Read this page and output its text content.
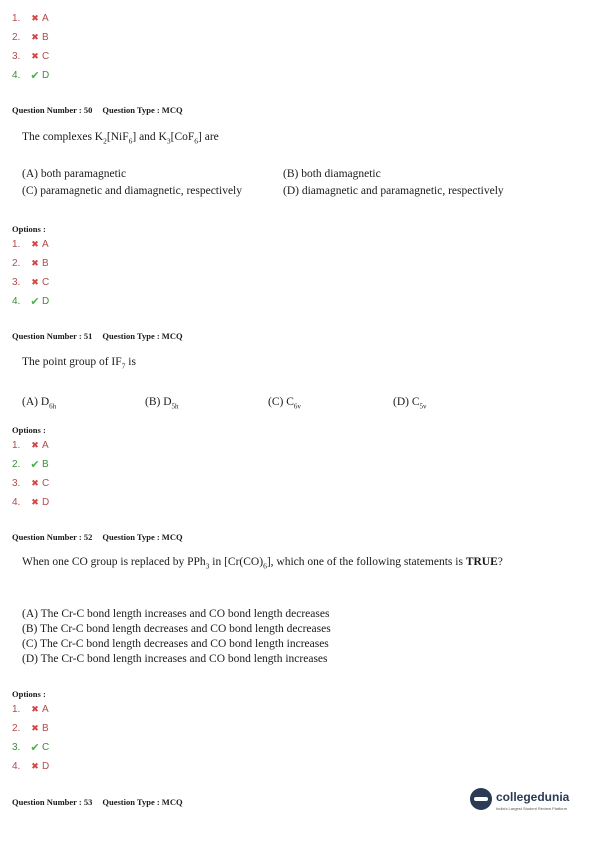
1.	✖ A
2.	✖ B
3.	✖ C
4. ✔ D
Question Number : 50 Question Type : MCQ
The complexes $K_2[NiF_6]$ and $K_3[CoF_6]$ are
(A) both paramagnetic	(B) both diamagnetic
(C) paramagnetic and diamagnetic, respectively	(D) diamagnetic and paramagnetic, respectively
Options :
1.	✖ A
2.	✖ B
3.	✖ C
4. ✔ D
Question Number : 51 Question Type : MCQ
The point group of $IF_7$ is
(A) $D_{6h}$	(B) $D_{5h}$	(C) $C_{6v}$	(D) $C_{5v}$
Options :
1.	✖ A
2. ✔ B
3.	✖ C
4.	✖ D
Question Number : 52 Question Type : MCQ
When one CO group is replaced by PPh$_3$ in $[Cr(CO)_6]$, which one of the following statements is TRUE?
(A) The Cr-C bond length increases and CO bond length decreases
(B) The Cr-C bond length decreases and CO bond length decreases
(C) The Cr-C bond length decreases and CO bond length increases
(D) The Cr-C bond length increases and CO bond length increases
Options :
1.	✖ A
2.	✖ B
3. ✔ C
4.	✖ D
Question Number : 53 Question Type : MCQ	collegedunia
India's Largest Student Review Platform
